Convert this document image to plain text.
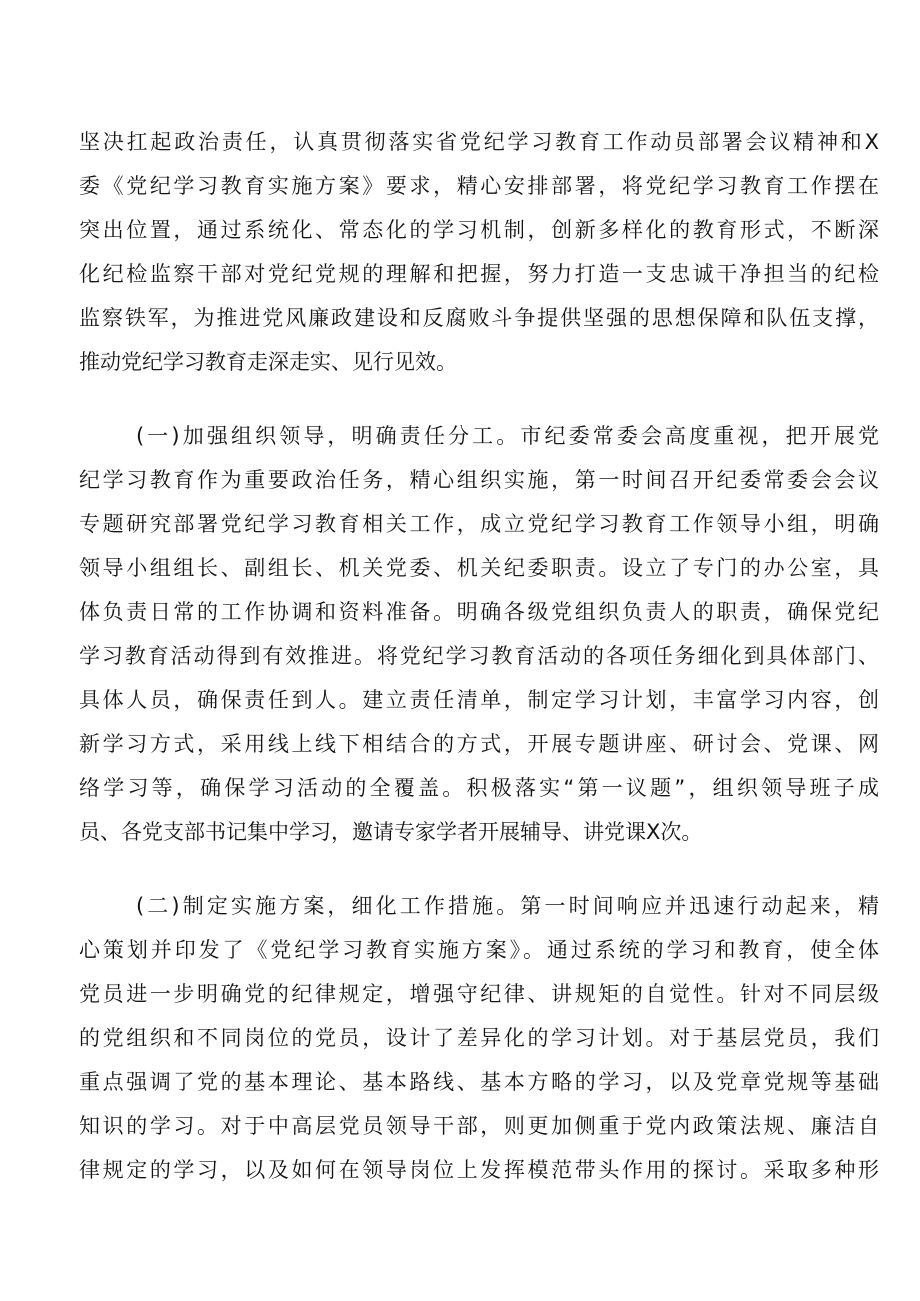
坚决扛起政治责任，认真贯彻落实省党纪学习教育工作动员部署会议精神和X
委《党纪学习教育实施方案》要求，精心安排部署，将党纪学习教育工作摆在
突出位置，通过系统化、常态化的学习机制，创新多样化的教育形式，不断深
化纪检监察干部对党纪党规的理解和把握，努力打造一支忠诚干净担当的纪检
监察铁军，为推进党风廉政建设和反腐败斗争提供坚强的思想保障和队伍支撑，
推动党纪学习教育走深走实、见行见效。
(一)加强组织领导，明确责任分工。市纪委常委会高度重视，把开展党
纪学习教育作为重要政治任务，精心组织实施，第一时间召开纪委常委会会议
专题研究部署党纪学习教育相关工作，成立党纪学习教育工作领导小组，明确
领导小组组长、副组长、机关党委、机关纪委职责。设立了专门的办公室，具
体负责日常的工作协调和资料准备。明确各级党组织负责人的职责，确保党纪
学习教育活动得到有效推进。将党纪学习教育活动的各项任务细化到具体部门、
具体人员，确保责任到人。建立责任清单，制定学习计划，丰富学习内容，创
新学习方式，采用线上线下相结合的方式，开展专题讲座、研讨会、党课、网
络学习等，确保学习活动的全覆盖。积极落实“第一议题”，组织领导班子成
员、各党支部书记集中学习，邀请专家学者开展辅导、讲党课X次。
(二)制定实施方案，细化工作措施。第一时间响应并迅速行动起来，精
心策划并印发了《党纪学习教育实施方案》。通过系统的学习和教育，使全体
党员进一步明确党的纪律规定，增强守纪律、讲规矩的自觉性。针对不同层级
的党组织和不同岗位的党员，设计了差异化的学习计划。对于基层党员，我们
重点强调了党的基本理论、基本路线、基本方略的学习，以及党章党规等基础
知识的学习。对于中高层党员领导干部，则更加侧重于党内政策法规、廉洁自
律规定的学习，以及如何在领导岗位上发挥模范带头作用的探讨。采取多种形
